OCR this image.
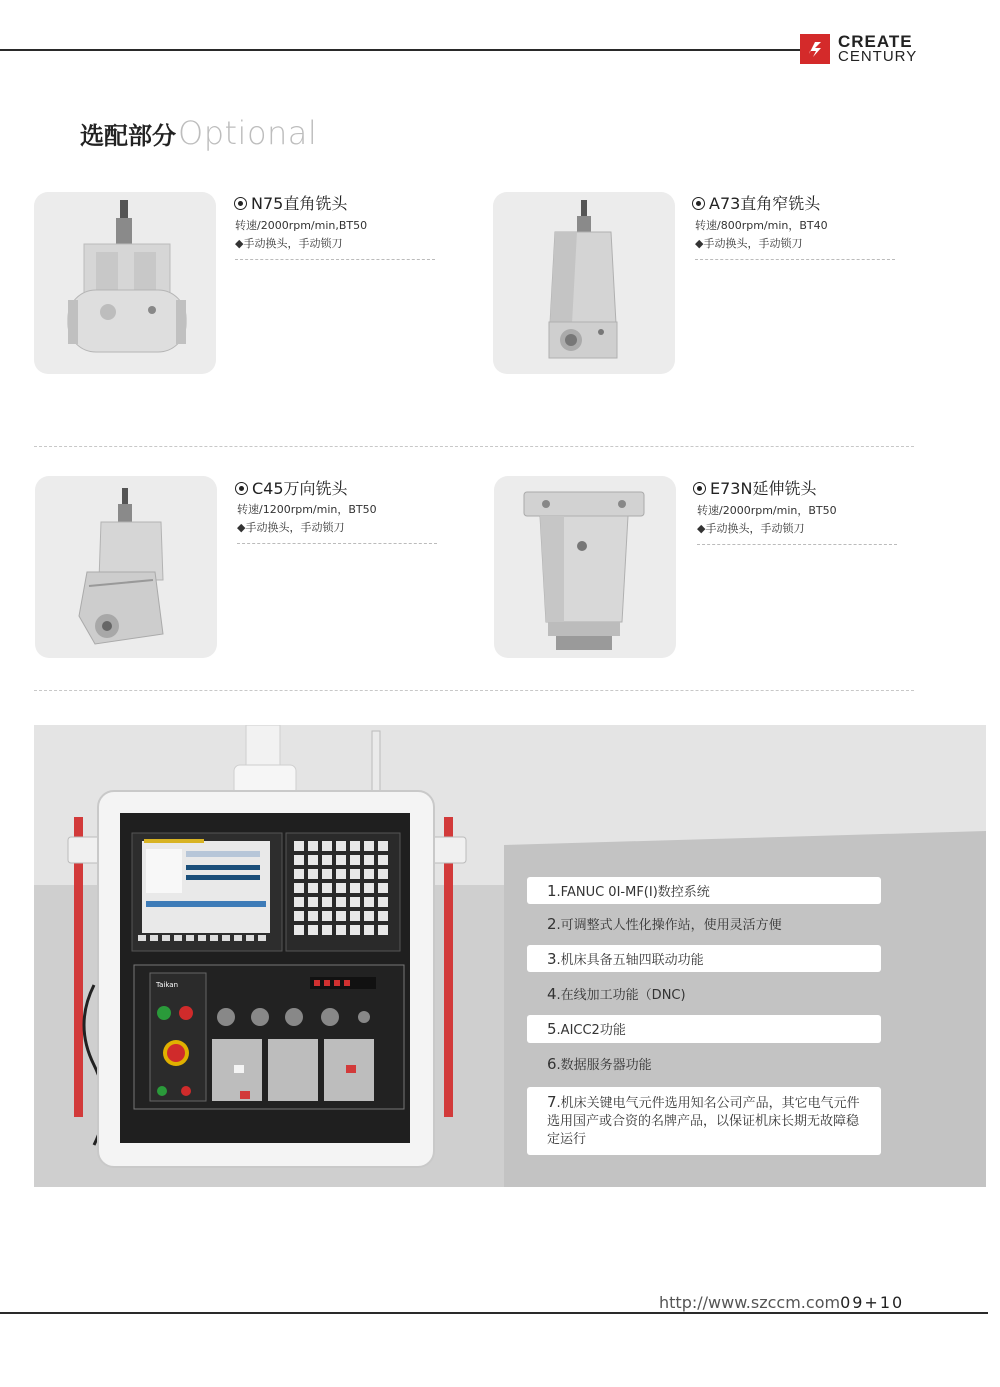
CREATE
CENTURY
选配部分 Optional
N75直角铣头
转速/2000rpm/min,BT50
◆手动换头，手动锁刀
A73直角窄铣头
转速/800rpm/min，BT40
◆手动换头，手动锁刀
C45万向铣头
转速/1200rpm/min，BT50
◆手动换头，手动锁刀
E73N延伸铣头
转速/2000rpm/min，BT50
◆手动换头，手动锁刀
Taikan
1.FANUC 0I-MF(I)数控系统
2.可调整式人性化操作站，使用灵活方便
3.机床具备五轴四联动功能
4.在线加工功能（DNC)
5.AICC2功能
6.数据服务器功能
7.机床关键电气元件选用知名公司产品，其它电气元件选用国产或合资的名牌产品，以保证机床长期无故障稳定运行
http://www.szccm.com09+10
